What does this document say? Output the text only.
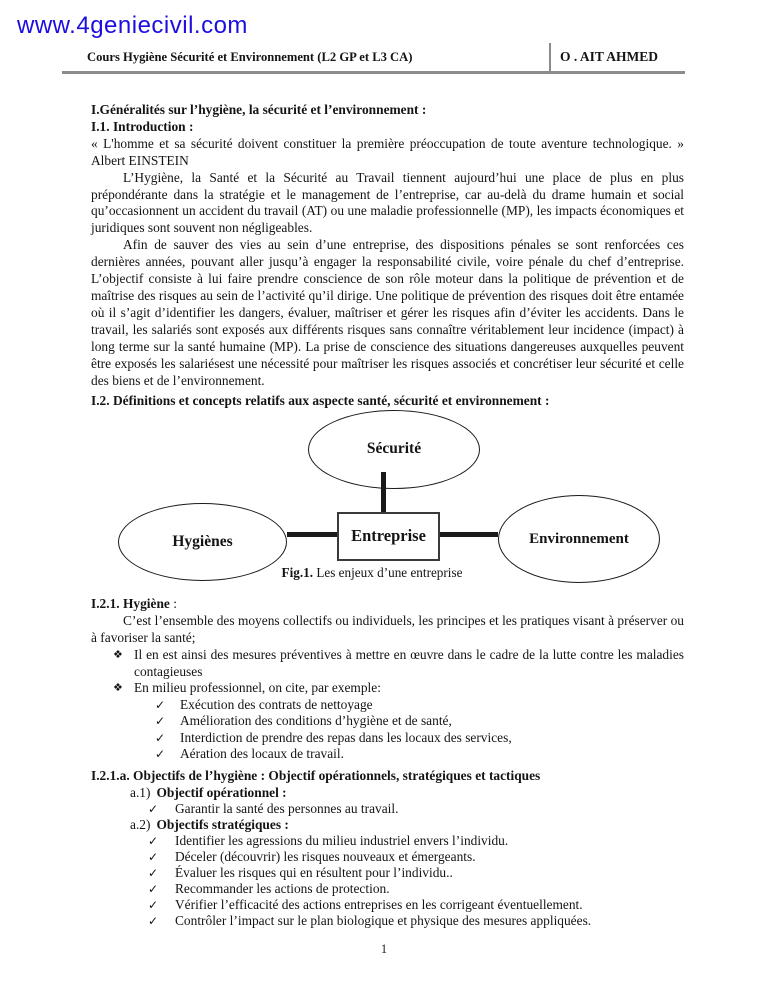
www.4geniecivil.com
Cours Hygiène Sécurité et Environnement (L2 GP et L3 CA)	O . AIT AHMED
I.Généralités sur l’hygiène, la sécurité et l’environnement :
I.1. Introduction :

« L'homme et sa sécurité doivent constituer la première préoccupation de toute aventure technologique. » Albert EINSTEIN

L’Hygiène, la Santé et la Sécurité au Travail tiennent aujourd’hui une place de plus en plus prépondérante dans la stratégie et le management de l’entreprise, car au-delà du drame humain et social qu’occasionnent un accident du travail (AT) ou une maladie professionnelle (MP), les impacts économiques et juridiques sont souvent non négligeables.

Afin de sauver des vies au sein d’une entreprise, des dispositions pénales se sont renforcées ces dernières années, pouvant aller jusqu’à engager la responsabilité civile, voire pénale du chef d’entreprise. L’objectif consiste à lui faire prendre conscience de son rôle moteur dans la politique de prévention et de maîtrise des risques au sein de l’activité qu’il dirige. Une politique de prévention des risques doit être entamée où il s’agit d’identifier les dangers, évaluer, maîtriser et gérer les risques afin d’éviter les accidents. Dans le travail, les salariés sont exposés aux différents risques sans connaître véritablement leur incidence (impact) à long terme sur la santé humaine (MP). La prise de conscience des situations dangereuses auxquelles peuvent être exposés les salariésest une nécessité pour maîtriser les risques associés et concrétiser leur sécurité et celle des biens et de l’environnement.

I.2. Définitions et concepts relatifs aux aspecte santé, sécurité et environnement :
Sécurité
Hygiènes	Entreprise	Environnement
Fig.1. Les enjeux d’une entreprise
I.2.1. Hygiène :

C’est l’ensemble des moyens collectifs ou individuels, les principes et les pratiques visant à préserver ou à favoriser la santé;

❖ Il en est ainsi des mesures préventives à mettre en œuvre dans le cadre de la lutte contre les maladies contagieuses
❖ En milieu professionnel, on cite, par exemple:
✓	Exécution des contrats de nettoyage
✓	Amélioration des conditions d’hygiène et de santé,
✓	Interdiction de prendre des repas dans les locaux des services,
✓	Aération des locaux de travail.
I.2.1.a. Objectifs de l’hygiène : Objectif opérationnels, stratégiques et tactiques
a.1) Objectif opérationnel :
✓	Garantir la santé des personnes au travail.
a.2) Objectifs stratégiques :
✓	Identifier les agressions du milieu industriel envers l’individu.
✓	Déceler (découvrir) les risques nouveaux et émergeants.
✓	Évaluer les risques qui en résultent pour l’individu..
✓	Recommander les actions de protection.
✓	Vérifier l’efficacité des actions entreprises en les corrigeant éventuellement.
✓	Contrôler l’impact sur le plan biologique et physique des mesures appliquées.
1
